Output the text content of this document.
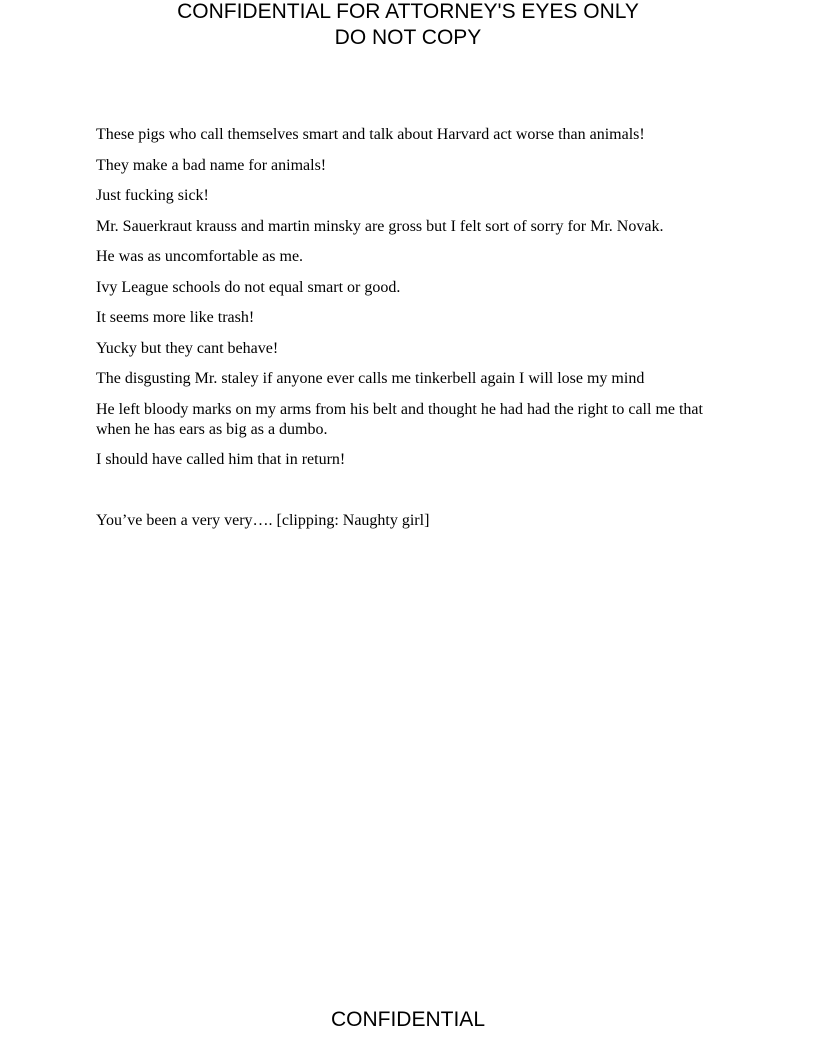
CONFIDENTIAL FOR ATTORNEY'S EYES ONLY
DO NOT COPY

These pigs who call themselves smart and talk about Harvard act worse than animals!

They make a bad name for animals!

Just fucking sick!

Mr. Sauerkraut krauss and martin minsky are gross but I felt sort of sorry for Mr. Novak.

He was as uncomfortable as me.

Ivy League schools do not equal smart or good.

It seems more like trash!

Yucky but they cant behave!

The disgusting Mr. staley if anyone ever calls me tinkerbell again I will lose my mind

He left bloody marks on my arms from his belt and thought he had had the right to call me that when he has ears as big as a dumbo.

I should have called him that in return!

You’ve been a very very…. [clipping: Naughty girl]

CONFIDENTIAL
